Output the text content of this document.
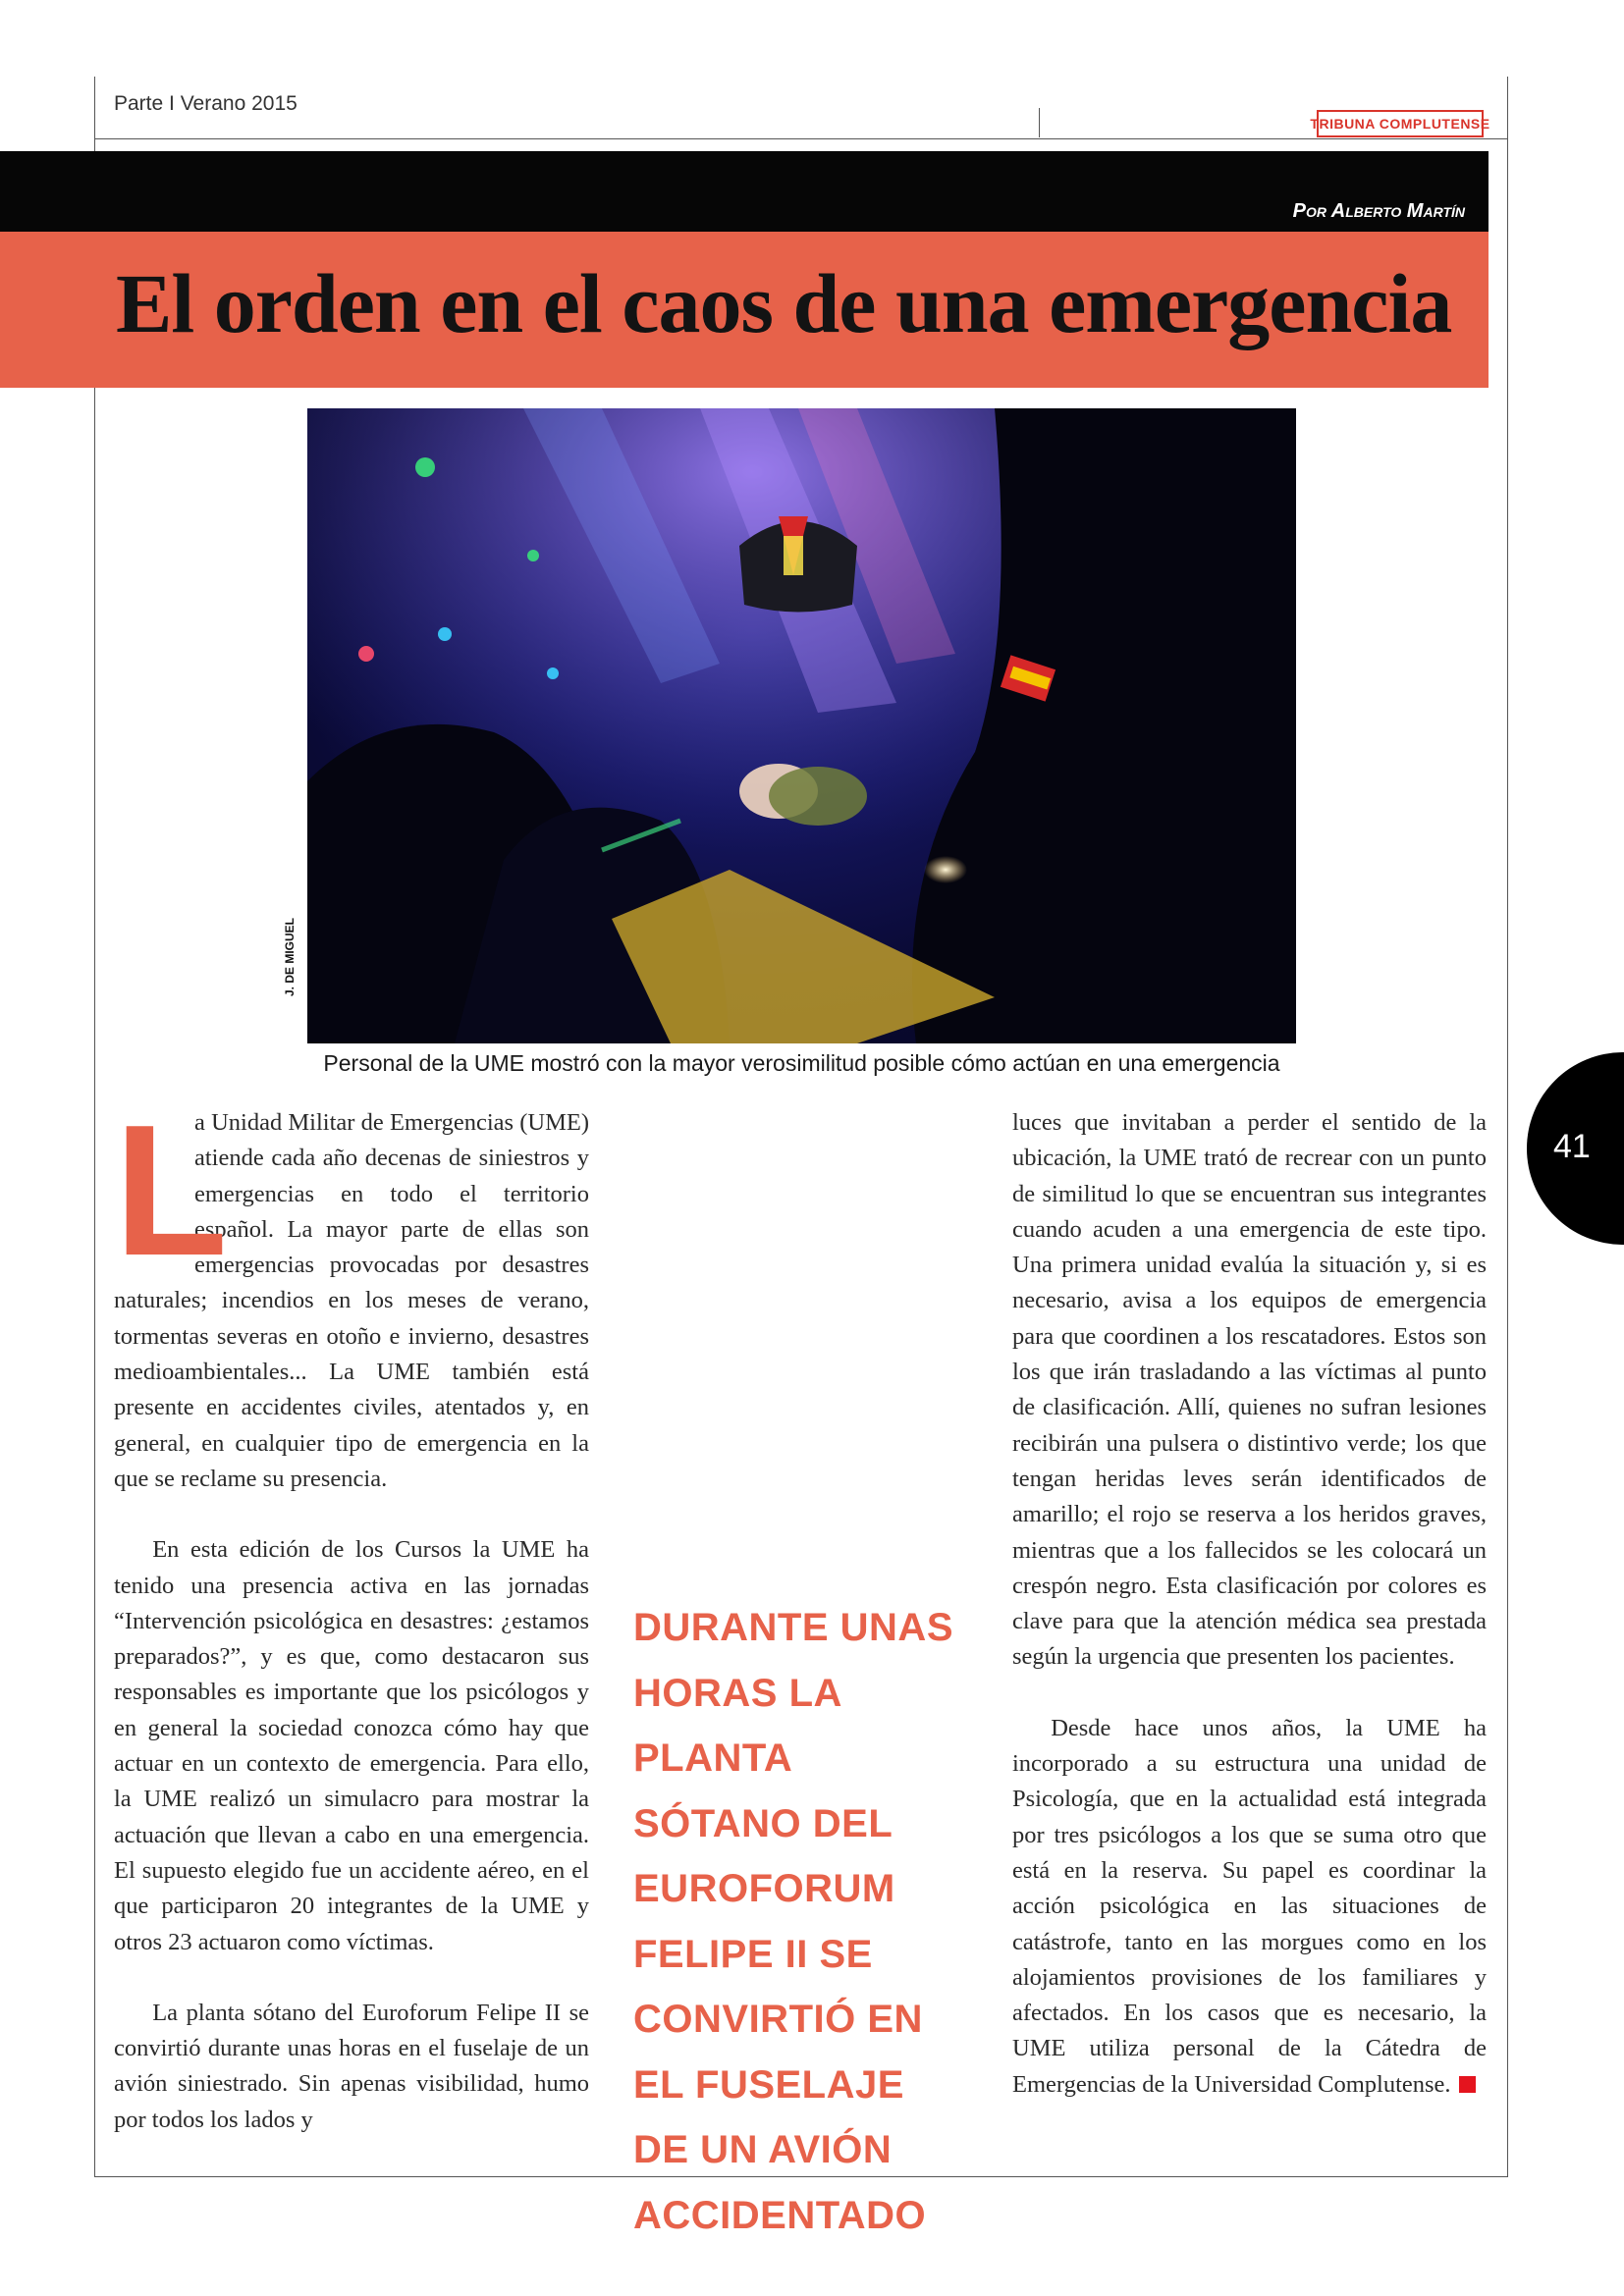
Parte I Verano 2015
TRIBUNA COMPLUTENSE
Por Alberto Martín
El orden en el caos de una emergencia
J. DE MIGUEL
Personal de la UME mostró con la mayor verosimilitud posible cómo actúan en una emergencia

L
a Unidad Militar de Emergencias (UME) atiende cada año decenas de siniestros y emergencias en todo el territorio español. La mayor parte de ellas son emergencias provocadas por desastres naturales; incendios en los meses de verano, tormentas severas en otoño e invierno, desastres medioambientales... La UME también está presente en accidentes civiles, atentados y, en general, en cualquier tipo de emergencia en la que se reclame su presencia.

En esta edición de los Cursos la UME ha tenido una presencia activa en las jornadas “Intervención psicológica en desastres: ¿estamos preparados?”, y es que, como destacaron sus responsables es importante que los psicólogos y en general la sociedad conozca cómo hay que actuar en un contexto de emergencia. Para ello, la UME realizó un simulacro para mostrar la actuación que llevan a cabo en una emergencia. El supuesto elegido fue un accidente aéreo, en el que participaron 20 integrantes de la UME y otros 23 actuaron como víctimas.

La planta sótano del Euroforum Felipe II se convirtió durante unas horas en el fuselaje de un avión siniestrado. Sin apenas visibilidad, humo por todos los lados y

DURANTE UNAS
HORAS LA PLANTA
SÓTANO DEL
EUROFORUM
FELIPE II SE
CONVIRTIÓ EN
EL FUSELAJE
DE UN AVIÓN
ACCIDENTADO

luces que invitaban a perder el sentido de la ubicación, la UME trató de recrear con un punto de similitud lo que se encuentran sus integrantes cuando acuden a una emergencia de este tipo. Una primera unidad evalúa la situación y, si es necesario, avisa a los equipos de emergencia para que coordinen a los rescatadores. Estos son los que irán trasladando a las víctimas al punto de clasificación. Allí, quienes no sufran lesiones recibirán una pulsera o distintivo verde; los que tengan heridas leves serán identificados de amarillo; el rojo se reserva a los heridos graves, mientras que a los fallecidos se les colocará un crespón negro. Esta clasificación por colores es clave para que la atención médica sea prestada según la urgencia que presenten los pacientes.

Desde hace unos años, la UME ha incorporado a su estructura una unidad de Psicología, que en la actualidad está integrada por tres psicólogos a los que se suma otro que está en la reserva. Su papel es coordinar la acción psicológica en las situaciones de catástrofe, tanto en las morgues como en los alojamientos provisiones de los familiares y afectados. En los casos que es necesario, la UME utiliza personal de la Cátedra de Emergencias de la Universidad Complutense.

41
